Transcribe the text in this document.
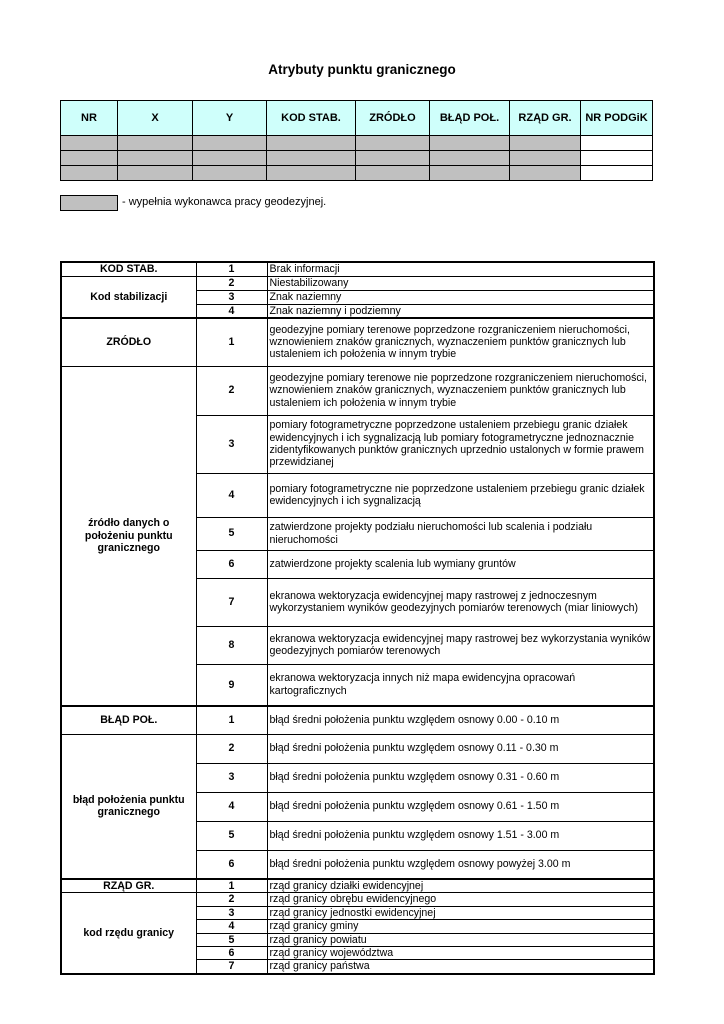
Atrybuty punktu granicznego
NR	X	Y	KOD STAB.	ZRÓDŁO	BŁĄD POŁ.	RZĄD GR.	NR PODGiK

- wypełnia wykonawca pracy geodezyjnej.
KOD STAB.	1	Brak informacji
Kod stabilizacji	2	Niestabilizowany
	3	Znak naziemny
	4	Znak naziemny i podziemny
ZRÓDŁO	1	geodezyjne pomiary terenowe poprzedzone rozgraniczeniem nieruchomości, wznowieniem znaków granicznych, wyznaczeniem punktów granicznych lub ustaleniem ich położenia w innym trybie
źródło danych o położeniu punktu granicznego	2	geodezyjne pomiary terenowe nie poprzedzone rozgraniczeniem nieruchomości, wznowieniem znaków granicznych, wyznaczeniem punktów granicznych lub ustaleniem ich położenia w innym trybie
	3	pomiary fotogrametryczne poprzedzone ustaleniem przebiegu granic działek ewidencyjnych i ich sygnalizacją lub pomiary fotogrametryczne jednoznacznie zidentyfikowanych punktów granicznych uprzednio ustalonych w formie prawem przewidzianej
	4	pomiary fotogrametryczne nie poprzedzone ustaleniem przebiegu granic działek ewidencyjnych i ich sygnalizacją
	5	zatwierdzone projekty podziału nieruchomości lub scalenia i podziału nieruchomości
	6	zatwierdzone projekty scalenia lub wymiany gruntów
	7	ekranowa wektoryzacja ewidencyjnej mapy rastrowej z jednoczesnym wykorzystaniem wyników geodezyjnych pomiarów terenowych (miar liniowych)
	8	ekranowa wektoryzacja ewidencyjnej mapy rastrowej bez wykorzystania wyników geodezyjnych pomiarów terenowych
	9	ekranowa wektoryzacja innych niż mapa ewidencyjna opracowań kartograficznych
BŁĄD POŁ.	1	błąd średni położenia punktu względem osnowy 0.00 - 0.10 m
błąd położenia punktu granicznego	2	błąd średni położenia punktu względem osnowy 0.11 - 0.30 m
	3	błąd średni położenia punktu względem osnowy 0.31 - 0.60 m
	4	błąd średni położenia punktu względem osnowy 0.61 - 1.50 m
	5	błąd średni położenia punktu względem osnowy 1.51 - 3.00 m
	6	błąd średni położenia punktu względem osnowy powyżej 3.00 m
RZĄD GR.	1	rząd granicy działki ewidencyjnej
kod rzędu granicy	2	rząd granicy obrębu ewidencyjnego
	3	rząd granicy jednostki ewidencyjnej
	4	rząd granicy gminy
	5	rząd granicy powiatu
	6	rząd granicy województwa
	7	rząd granicy państwa
